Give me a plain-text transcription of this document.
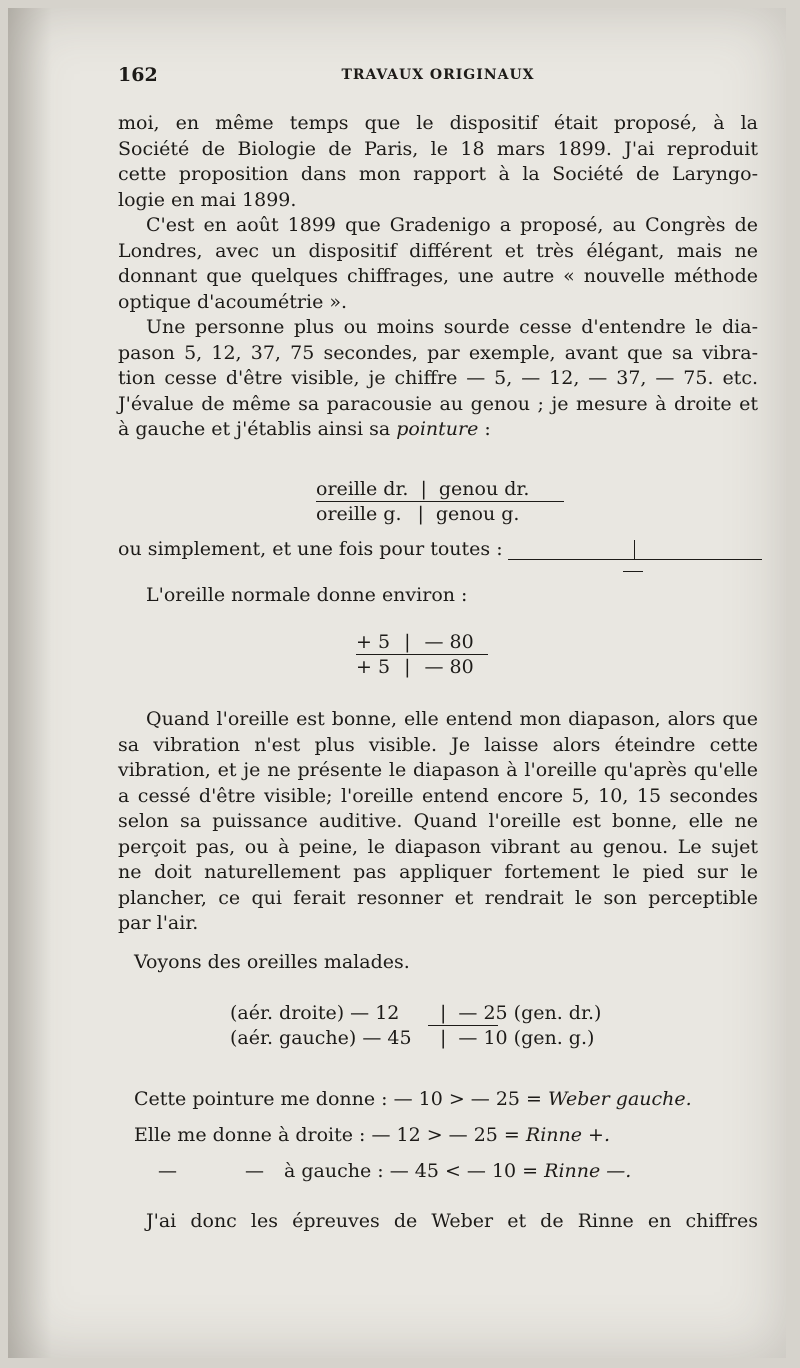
162	TRAVAUX ORIGINAUX
moi, en même temps que le dispositif était proposé, à la
Société de Biologie de Paris, le 18 mars 1899. J'ai reproduit
cette proposition dans mon rapport à la Société de Laryngo-
logie en mai 1899.
C'est en août 1899 que Gradenigo a proposé, au Congrès de
Londres, avec un dispositif différent et très élégant, mais ne
donnant que quelques chiffrages, une autre « nouvelle méthode
optique d'acoumétrie ».
Une personne plus ou moins sourde cesse d'entendre le dia-
pason 5, 12, 37, 75 secondes, par exemple, avant que sa vibra-
tion cesse d'être visible, je chiffre — 5, — 12, — 37, — 75. etc.
J'évalue de même sa paracousie au genou ; je mesure à droite et
à gauche et j'établis ainsi sa pointure :
oreille dr. | genou dr.
oreille g. | genou g.
ou simplement, et une fois pour toutes :
L'oreille normale donne environ :
+ 5 | — 80
+ 5 | — 80
Quand l'oreille est bonne, elle entend mon diapason, alors que
sa vibration n'est plus visible. Je laisse alors éteindre cette
vibration, et je ne présente le diapason à l'oreille qu'après qu'elle
a cessé d'être visible; l'oreille entend encore 5, 10, 15 secondes
selon sa puissance auditive. Quand l'oreille est bonne, elle ne
perçoit pas, ou à peine, le diapason vibrant au genou. Le sujet
ne doit naturellement pas appliquer fortement le pied sur le
plancher, ce qui ferait resonner et rendrait le son perceptible
par l'air.
Voyons des oreilles malades.
(aér. droite) — 12 | — 25 (gen. dr.)
(aér. gauche) — 45 | — 10 (gen. g.)
Cette pointure me donne : — 10 > — 25 = Weber gauche.
Elle me donne à droite : — 12 > — 25 = Rinne +.
—	— à gauche : — 45 < — 10 = Rinne —.
J'ai donc les épreuves de Weber et de Rinne en chiffres
